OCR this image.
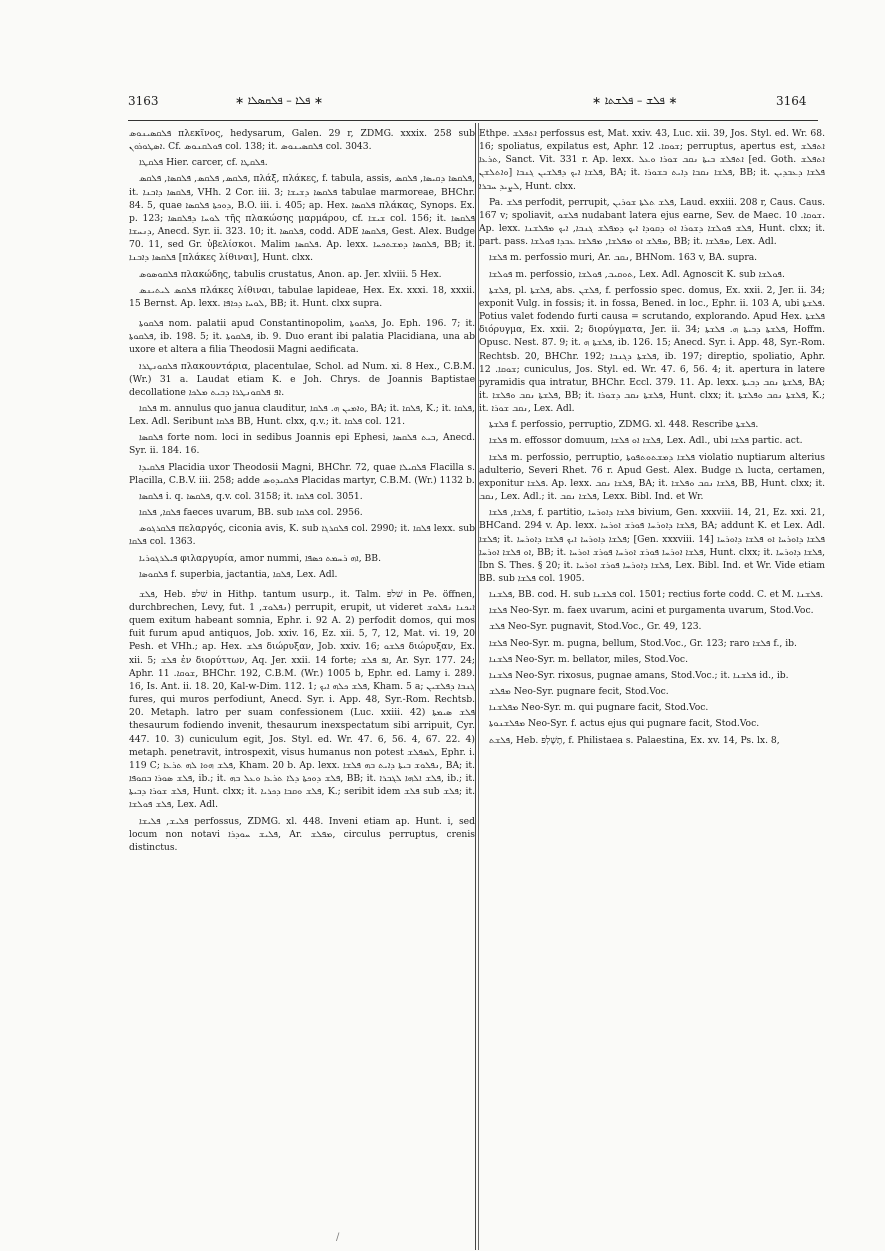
3163	∗ ܦܠܐ – ܦܠܩܣܠܐ ∗	∗ ܦܠܫ – ܦܠܫܬܐ ∗	3164

ܦܠܩܣܝܢܘܣ πλεκῖνος, hedysarum, Galen. 29 r, ZDMG. xxxix. 258 sub ܐܣܛܘܪܘܢ. Cf. ܦܘܠܩܢܘܣ col. 138; it. ܦܠܩܣܝܢܘܣ col. 3043.

ܦܠܩܛܐ Hier. carcer, cf. ܦܠܩܛܐ.

ܦܠܩܣ, ܦܠܩܣ, ܦܠܩܣܐ, ܦܠܩܣ, πλάξ, πλάκες, f. tabula, assis, ܦܠܩܣܐ ܕܩܝܣܐ, ܦܠܩܣ, it. ܦܠܩܣܐ ܕܐܒܢܐ, VHh. 2 Cor. iii. 3; ܦܠܩܣܐ ܕܫܝܫܐ tabulae marmoreae, BHChr. 84. 5, quae ܕܘܟܬܐ ܦܠܩܣܐ, B.O. iii. i. 405; ap. Hex. ܦܠܩܣܐ πλάκας, Synops. Ex. p. 123; ܠܘܚܐ ܕܦܠܩܣܐ τῆς πλακώσης μαρμάρου, cf. ܫܝܫܐ col. 156; it. ܦܠܩܣܐ ܕܢܚܫܐ, Anecd. Syr. ii. 323. 10; it. ܦܠܩܣܐ, codd. ADE ܦܠܩܣܐ, Gest. Alex. Budge 70. 11, sed Gr. ὑβελίσκοι. Malim ܦܠܩܣܐ. Ap. lexx. ܦܠܩܣܐ ܕܡܫܬܟܚܐ, BB; it. ܦܠܩܣܐ ܕܐܒܢܐ [πλάκες λίθιναι], Hunt. clxx.

ܦܠܩܘܣܘܣ πλακώδης, tabulis crustatus, Anon. ap. Jer. xlviii. 5 Hex.

ܦܠܩܣ ܠܝܬܝܢܣ πλάκες λίθιναι, tabulae lapideae, Hex. Ex. xxxi. 18, xxxii. 15 Bernst. Ap. lexx. ܠܘܚܐ ܕܟܐܦܐ, BB; it. Hunt. clxx supra.

ܦܠܩܘܬܐ nom. palatii apud Constantinopolim, ܦܠܩܘܬܐ, Jo. Eph. 196. 7; it. ܦܠܩܘܬܐ, ib. 198. 5; it. ܦܠܩܘܬܐ, ib. 9. Duo erant ibi palatia Placidiana, una ab uxore et altera a filia Theodosii Magni aedificata.

ܦܠܩܘܢܛܪܐ πλακουντάρια, placentulae, Schol. ad Num. xi. 8 Hex., C.B.M. (Wr.) 31 a. Laudat etiam K. e Joh. Chrys. de Joannis Baptistae decollatione ܐܦ ܦܠܩܘܢܛܪܐ ܕܒܝܬ ܡܠܟܐ.

ܦܠܩܐ m. annulus quo janua clauditur, ܘܐܡܝܢ ܗ. ܦܠܩܐ, BA; it. ܦܠܩܐ, K.; it. ܦܠܩܐ, Lex. Adl. Seribunt ܦܠܩܐ BB, Hunt. clxx, q.v.; it. ܦܠܩܐ col. 121.

ܦܠܩܣܐ forte nom. loci in sedibus Joannis epi Ephesi, ܒܝܬ ܦܠܩܣܐ, Anecd. Syr. ii. 184. 16.

ܦܠܩܝܕܐ Placidia uxor Theodosii Magni, BHChr. 72, quae ܦܠܩܝܠܐ Flacilla s. Placilla, C.B.V. iii. 258; adde ܦܠܩܝܕܘܣ Placidas martyr, C.B.M. (Wr.) 1132 b.

ܦܠܩܣܐ i. q. ܦܠܩܣܐ, q.v. col. 3158; it. ܦܠܩܐ col. 3051.

ܦܠܩܐ, ܦܠܩܐ faeces uvarum, BB. sub ܦܠܩܐ col. 2956.

ܦܠܩܪܓܘܣ πελαργός, ciconia avis, K. sub ܦܠܩܪܓܐ col. 2990; it. ܦܠܩܐ lexx. sub ܦܠܩܐ col. 1363.

ܦܝܠܪܓܘܪܝܐ φιλαργυρία, amor nummi, ܐܗ ܪܚܡܬ ܟܣܦܐ, BB.

ܦܠܩܘܣܐ f. superbia, jactantia, ܦܠܩܐ, Lex. Adl.

ܦܠܫ, Heb. שׁלפּ in Hithp. tantum usurp., it. Talm. שׁלפּ in Pe. öffnen, durchbrechen, Levy, fut. ܢܦܠܘܫ, 1) perrupit, erupit, ut videret ܐܝܟܢܐ ܢܦܠܘܫ quem exitum habeant somnia, Ephr. i. 92 A. 2) perfodit domos, qui mos fuit furum apud antiquos, Job. xxiv. 16, Ez. xii. 5, 7, 12, Mat. vi. 19, 20 Pesh. et VHh.; ap. Hex. ܦܠܫ διώρυξαν, Job. xxiv. 16; ܦܠܫܘ διώρυξαν, Ex. xii. 5; ܦܠܫ ἐν διορύττων, Aq. Jer. xxii. 14 forte; ܐܦ ܦܠܫ, Ar. Syr. 177. 24; Aphr. ܫܘܩܐ. 11, BHChr. 192, C.B.M. (Wr.) 1005 b, Ephr. ed. Lamy i. 289. 16, Is. Ant. ii. 18. 20, Kal-w-Dim. 112. 1; ܦܠܫ ܟܠܗ ܐܝܟ, Kham. 5 a; ܓܢܒܐ ܕܦܠܫܝܢ fures, qui muros perfodiunt, Anecd. Syr. i. App. 48, Syr.-Rom. Rechtsb. 20. Metaph. latro per suam confessionem (Luc. xxiii. 42) ܦܠܫ ܣܝܡܬܐ thesaurum fodiendo invenit, thesaurum inexspectatum sibi arripuit, Cyr. 447. 10. 3) cuniculum egit, Jos. Styl. ed. Wr. 47. 6, 56. 4, 67. 22. 4) metaph. penetravit, introspexit, visus humanus non potest ܠܡܦܠܫ, Ephr. i. 119 C; ܦܠܫ ܗܘܐ ܠܗ ܬܪܥܐ, Kham. 20 b. Ap. lexx. ܢܦܠܘܫ ܒܝܬܐ ܕܐܝܬ ܒܗ ܦܠܫܐ, BA; it. ܦܠܫ ܣܘܪܐ ܒܩܘܦܐ, ib.; it. ܦܠܫ ܕܘܟܬܐ ܕܠܐ ܬܪܥܐ ܘܥܠ ܒܗ, BB; it. ܦܠܫ ܐܠܗܐ ܠܓܒܪܐ, ib.; it. ܦܠܫ ܫܘܪܐ ܕܒܝܬܐ, Hunt. clxx; it. ܦܠܫ ܘܩܒܐ ܕܟܪܝܐ, K.; seribit idem ܦܠܫ sub ܦܠܫ; it. ܦܠܫ ܦܘܠܫܐ, Lex. Adl.

ܦܠܝܫ, ܦܠܝܫܐ perfossus, ZDMG. xl. 448. Inveni etiam ap. Hunt. i, sed locum non notavi ܦܠܝܫ ܚܘܕܪܐ, Ar. ܡܦܠܫ, circulus perruptus, crenis distinctus.

Ethpe. ܐܬܦܠܫ perfossus est, Mat. xxiv. 43, Luc. xii. 39, Jos. Styl. ed. Wr. 68. 16; spoliatus, expilatus est, Aphr. ܫܘܩܐ. 12; perruptus, apertus est, ܐܬܦܠܫ ܬܪܥܐ, Sanct. Vit. 331 r. Ap. lexx. ܐܬܦܠܫ ܒܝܬܐ ܢܩܒ ܫܘܪܐ ܘܥܠ [ed. Goth. ܐܬܦܠܫ ܘܐܬܠܫܢ] ܦܠܫܐ ܐܝܟ ܕܦܠܫܝܢ ܓܢܒܐ, BA; it. ܦܠܫܐ ܢܩܒܐ ܕܐܝܬ ܒܫܘܪܐ, BB; it. ܦܠܫܐ ܕܥܒܕܝܢ ܠܨܝܕ ܚܒܪܐ, Hunt. clxx.

Pa. ܦܠܫ perfodit, perrupit, ܦܠܫ ܬܠܬܐ ܫܘܪܝܢ, Laud. exxiii. 208 r, Caus. Caus. 167 v; spoliavit, ܦܠܫܘ nudabant latera ejus earne, Sev. de Maec. ܫܘܩܐ. 10. Ap. lexx. ܦܠܫ ܦܘܠܫܐ ܕܫܘܪܐ ܐܘ ܕܩܘܕܐ ܐܝܟ ܕܡܦܠܫ ܓܢܒܐ, ܐܝܟ ܡܦܠܫܢܐ, Hunt. clxx; it. part. pass. ܡܦܠܫ ܐܘ ܡܦܠܫܐ, ܡܦܠܫܐ ܥܒܕܐ ܦܘܠܫܐ, BB; it. ܡܦܠܫܐ, Lex. Adl.

ܦܠܫܐ m. perfossio muri, Ar. ܢܩܒ, BHNom. 163 v, BA. supra.

ܦܘܠܫܐ m. perfossio, ܬܘܩܝܒ, ܦܘܠܫܐ, Lex. Adl. Agnoscit K. sub ܦܘܠܫܐ.

ܦܠܫܬܐ, pl. ܦܠܫܬܐ, abs. ܦܠܫܢ, f. perfossio spec. domus, Ex. xxii. 2, Jer. ii. 34; exponit Vulg. in fossis; it. in fossa, Bened. in loc., Ephr. ii. 103 A, ubi ܦܠܫܬܐ. Potius valet fodendo furti causa = scrutando, explorando. Apud Hex. ܦܠܫܬܐ διόρυγμα, Ex. xxii. 2; διορύγματα, Jer. ii. 34; ܦܠܫܬܐ ܕܒܝܬܐ ܗ. ܦܠܫܬܐ, Hoffm. Opusc. Nest. 87. 9; it. ܦܠܫܬܐ ܗ, ib. 126. 15; Anecd. Syr. i. App. 48, Syr.-Rom. Rechtsb. 20, BHChr. 192; ܦܠܫܬܐ ܕܓܢܒܐ, ib. 197; direptio, spoliatio, Aphr. ܫܘܩܐ. 12; cuniculus, Jos. Styl. ed. Wr. 47. 6, 56. 4; it. apertura in latere pyramidis qua intratur, BHChr. Eccl. 379. 11. Ap. lexx. ܦܠܫܬܐ ܢܩܒ ܕܒܝܬܐ, BA; it. ܦܠܫܬܐ ܢܩܒ ܘܦܠܫܐ, BB; it. ܦܠܫܬܐ ܢܩܒ ܕܫܘܪܐ, Hunt. clxx; it. ܦܠܫܬܐ ܢܩܒ ܘܦܠܫܬܐ, K.; it. ܢܩܒ ܫܘܪܐ, Lex. Adl.

ܦܠܫܬܐ f. perfossio, perruptio, ZDMG. xl. 448. Rescribe ܦܠܫܬܐ.

ܦܠܫܐ m. effossor domuum, ܦܠܫܐ ܐܘ ܦܠܫܐ, Lex. Adl., ubi ܦܠܫܐ partic. act.

ܦܠܫܐ m. perfossio, perruptio, ܦܠܫܐ ܕܡܫܬܘܬܦܘܬܐ violatio nuptiarum alterius adulterio, Severi Rhet. 76 r. Apud Gest. Alex. Budge ܠܐ lucta, certamen, exponitur ܦܠܫܐ. Ap. lexx. ܦܠܫܐ ܢܩܒ, BA; it. ܦܠܫܐ ܢܩܒ ܘܦܠܫܐ, BB, Hunt. clxx; it. ܢܩܒ, Lex. Adl.; it. ܦܠܫܐ ܢܩܒ, Lexx. Bibl. Ind. et Wr.

ܦܠܫܐ, ܦܠܫܐ, f. partitio, ܦܠܫܐ ܕܐܘܪܚܐ bivium, Gen. xxxviii. 14, 21, Ez. xxi. 21, BHCand. 294 v. Ap. lexx. ܦܠܫܐ ܕܐܘܪܚܐ ܦܘܪܫ ܐܘܪܚܐ, BA; addunt K. et Lex. Adl. ܦܠܫܐ; it. ܦܠܫܐ ܕܐܘܪܚܐ ܐܝܟ ܦܠܫܐ ܕܐܘܪܚܐ; [Gen. xxxviii. 14] ܦܠܫܐ ܕܐܘܪܚܐ ܐܘ ܦܠܫܐ ܕܐܘܪܚܐ ܐܘ ܦܠܫܐ ܐܘܪܚܐ, BB; it. ܦܠܫܐ ܐܘܪܚܐ ܦܘܪܫ ܐܘܪܚܐ ܦܘܪܫ ܐܘܪܚܐ, Hunt. clxx; it. ܦܠܫܐ ܕܐܘܪܚܐ, Ibn S. Thes. § 20; it. ܦܠܫܐ ܕܐܘܪܚܐ ܦܘܪܫ ܐܘܪܚܐ, Lex. Bibl. Ind. et Wr. Vide etiam BB. sub ܦܠܫܐ col. 1905.

ܦܠܫܢܐ, BB. cod. H. sub ܦܠܫܢܐ col. 1501; rectius forte codd. C. et M. ܦܠܫܢܐ.

ܦܠܫܐ Neo-Syr. m. faex uvarum, acini et purgamenta uvarum, Stod.Voc.

ܦܠܫ Neo-Syr. pugnavit, Stod.Voc., Gr. 49, 123.

ܦܠܫܐ Neo-Syr. m. pugna, bellum, Stod.Voc., Gr. 123; raro ܦܠܫܐ f., ib.

ܦܠܫܢܐ Neo-Syr. m. bellator, miles, Stod.Voc.

ܦܠܫܢܐ Neo-Syr. rixosus, pugnae amans, Stod.Voc.; it. ܦܠܫܢܐ id., ib.

ܡܦܠܫ Neo-Syr. pugnare fecit, Stod.Voc.

ܡܦܠܫܢܐ Neo-Syr. m. qui pugnare facit, Stod.Voc.

ܡܦܠܫܢܘܬܐ Neo-Syr. f. actus ejus qui pugnare facit, Stod.Voc.

ܦܠܫܬ, Heb. תֶשֶׁלְפּ, f. Philistaea s. Palaestina, Ex. xv. 14, Ps. lx. 8,

/
